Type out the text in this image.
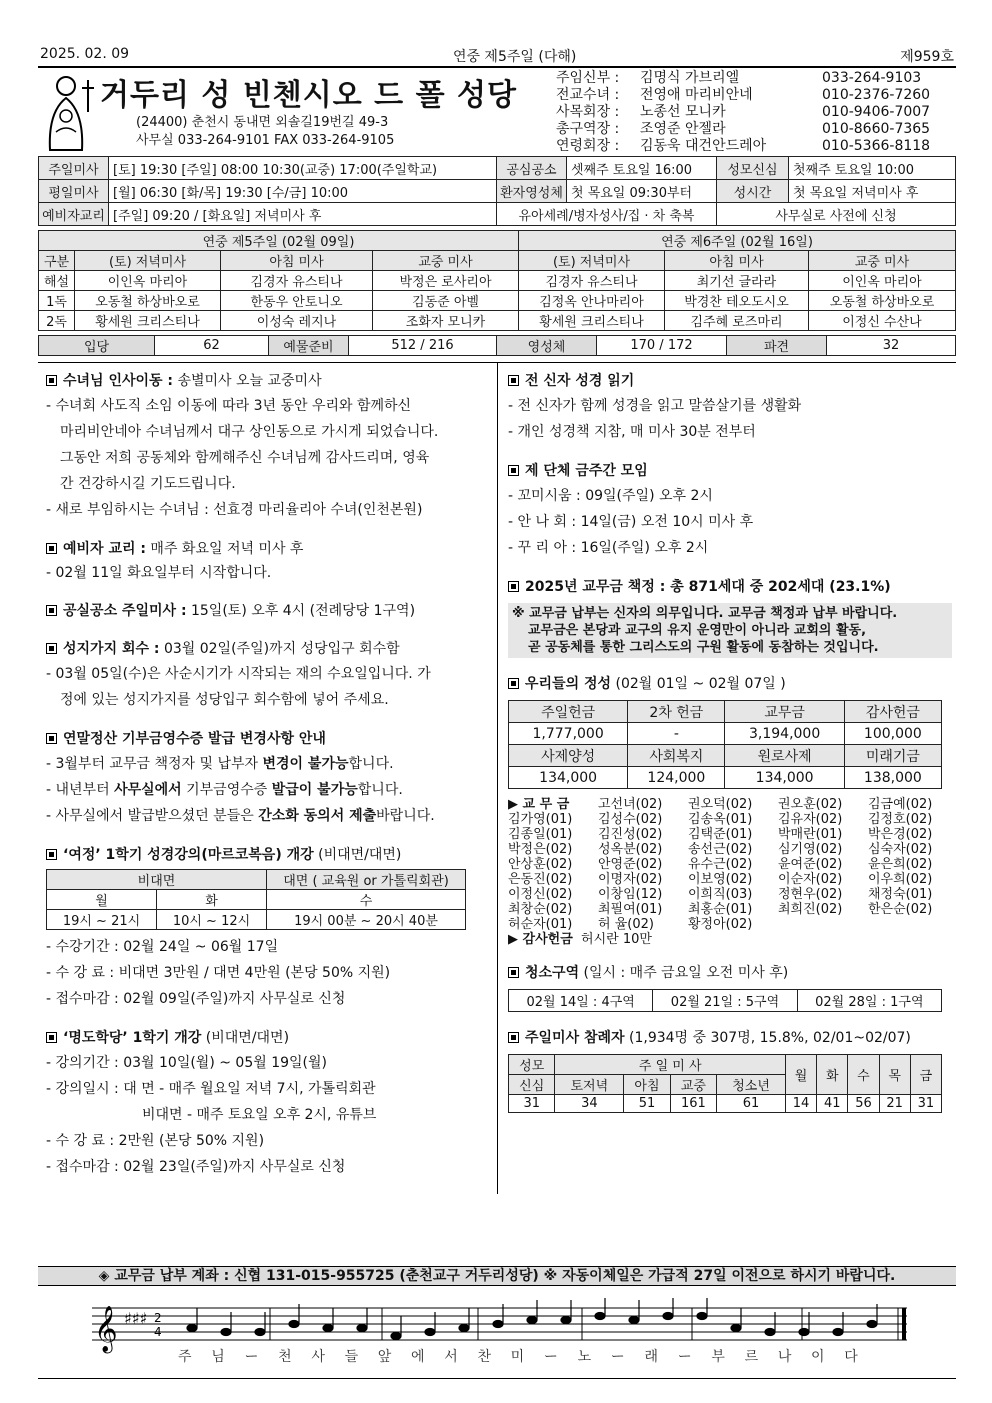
2025. 02. 09	연중 제5주일 (다해)	제959호
거두리 성 빈첸시오 드 폴 성당
(24400) 춘천시 동내면 외솔길19번길 49-3
사무실 033-264-9101 FAX 033-264-9105
주임신부 :	김명식 가브리엘	033-264-9103
전교수녀 :	전영애 마리비안네	010-2376-7260
사목회장 :	노종선 모니카	010-9406-7007
총구역장 :	조영준 안젤라	010-8660-7365
연령회장 :	김동욱 대건안드레아	010-5366-8118
주일미사	[토] 19:30 [주일] 08:00 10:30(교중) 17:00(주일학교)	공심공소	셋째주 토요일 16:00	성모신심	첫째주 토요일 10:00
평일미사	[월] 06:30 [화/목] 19:30 [수/금] 10:00	환자영성체	첫 목요일 09:30부터	성시간	첫 목요일 저녁미사 후
예비자교리	[주일] 09:20 / [화요일] 저녁미사 후	유아세례/병자성사/집 · 차 축복		사무실로 사전에 신청	
연중 제5주일 (02월 09일)				연중 제6주일 (02월 16일)		
구분	(토) 저녁미사	아침 미사	교중 미사	(토) 저녁미사	아침 미사	교중 미사
해설	이인옥 마리아	김경자 유스티나	박정은 로사리아	김경자 유스티나	최기선 글라라	이인옥 마리아
1독	오동철 하상바오로	한동우 안토니오	김동준 아벨	김정옥 안나마리아	박경찬 테오도시오	오동철 하상바오로
2독	황세원 크리스티나	이성숙 레지나	조화자 모니카	황세원 크리스티나	김주혜 로즈마리	이정신 수산나
입당	62	예물준비	512 / 216	영성체	170 / 172	파견	32
수녀님 인사이동 : 송별미사 오늘 교중미사
- 수녀회 사도직 소임 이동에 따라 3년 동안 우리와 함께하신
마리비안네아 수녀님께서 대구 상인동으로 가시게 되었습니다.
그동안 저희 공동체와 함께해주신 수녀님께 감사드리며, 영육
간 건강하시길 기도드립니다.
- 새로 부임하시는 수녀님 : 선효경 마리율리아 수녀(인천본원)
예비자 교리 : 매주 화요일 저녁 미사 후
- 02월 11일 화요일부터 시작합니다.
공실공소 주일미사 : 15일(토) 오후 4시 (전례당당 1구역)
성지가지 회수 : 03월 02일(주일)까지 성당입구 회수함
- 03월 05일(수)은 사순시기가 시작되는 재의 수요일입니다. 가
정에 있는 성지가지를 성당입구 회수함에 넣어 주세요.
연말정산 기부금영수증 발급 변경사항 안내
- 3월부터 교무금 책정자 및 납부자 변경이 불가능합니다.
- 내년부터 사무실에서 기부금영수증 발급이 불가능합니다.
- 사무실에서 발급받으셨던 분들은 간소화 동의서 제출바랍니다.
‘여정’ 1학기 성경강의(마르코복음) 개강 (비대면/대면)
비대면		대면 ( 교육원 or 가톨릭회관)
월	화	수
19시 ~ 21시	10시 ~ 12시	19시 00분 ~ 20시 40분
- 수강기간 : 02월 24일 ~ 06월 17일
- 수 강 료 : 비대면 3만원 / 대면 4만원 (본당 50% 지원)
- 접수마감 : 02월 09일(주일)까지 사무실로 신청
‘명도학당’ 1학기 개강 (비대면/대면)
- 강의기간 : 03월 10일(월) ~ 05월 19일(월)
- 강의일시 : 대 면 - 매주 월요일 저녁 7시, 가톨릭회관
비대면 - 매주 토요일 오후 2시, 유튜브
- 수 강 료 : 2만원 (본당 50% 지원)
- 접수마감 : 02월 23일(주일)까지 사무실로 신청
전 신자 성경 읽기
- 전 신자가 함께 성경을 읽고 말씀살기를 생활화
- 개인 성경책 지참, 매 미사 30분 전부터
제 단체 금주간 모임
- 꼬미시움 : 09일(주일) 오후 2시
- 안 나 회 : 14일(금) 오전 10시 미사 후
- 꾸 리 아 : 16일(주일) 오후 2시
2025년 교무금 책정 : 총 871세대 중 202세대 (23.1%)
※ 교무금 납부는 신자의 의무입니다. 교무금 책정과 납부 바랍니다.
교무금은 본당과 교구의 유지 운영만이 아니라 교회의 활동,
곧 공동체를 통한 그리스도의 구원 활동에 동참하는 것입니다.
우리들의 정성 (02월 01일 ~ 02월 07일 )
주일헌금	2차 헌금	교무금	감사헌금
1,777,000	-	3,194,000	100,000
사제양성	사회복지	원로사제	미래기금
134,000	124,000	134,000	138,000
▶ 교 무 금	고선녀(02)	권오덕(02)	권오훈(02)	김금예(02)
김가영(01)	김성수(02)	김송옥(01)	김유자(02)	김정호(02)
김종일(01)	김진성(02)	김택준(01)	박매란(01)	박은경(02)
박정은(02)	성옥분(02)	송선근(02)	심기영(02)	심숙자(02)
안상훈(02)	안영준(02)	유수근(02)	윤여준(02)	윤은희(02)
은동진(02)	이명자(02)	이보영(02)	이순자(02)	이우희(02)
이정신(02)	이창임(12)	이희직(03)	정현우(02)	채정숙(01)
최창순(02)	최필여(01)	최홍순(01)	최희진(02)	한은순(02)
허순자(01)	허 율(02)	황정아(02)
▶ 감사헌금 허시란 10만
청소구역 (일시 : 매주 금요일 오전 미사 후)
02월 14일 : 4구역	02월 21일 : 5구역	02월 28일 : 1구역
주일미사 참례자 (1,934명 중 307명, 15.8%, 02/01~02/07)
성모	주 일 미 사				월	화	수	목	금
신심	토저녁	아침	교중	청소년					
31	34	51	161	61	14	41	56	21	31
◈ 교무금 납부 계좌 : 신협 131-015-955725 (춘천교구 거두리성당) ※ 자동이체일은 가급적 27일 이전으로 하시기 바랍니다.
𝄞 ♯♯♯ 2
4
주 님 ー 천 사 들 앞 에 서 찬 미 ー 노 ー 래 ー 부 르 나 이 다
